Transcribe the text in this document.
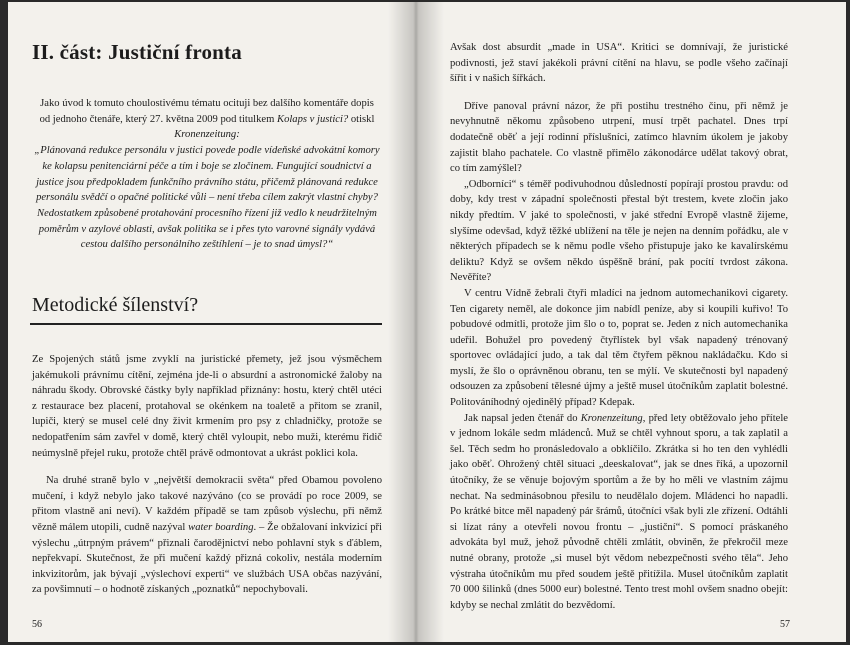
II. část: Justiční fronta

Jako úvod k tomuto choulostivému tématu ocituji bez dalšího komentáře dopis od jednoho čtenáře, který 27. května 2009 pod titulkem Kolaps v justici? otiskl Kronenzeitung:

„Plánovaná redukce personálu v justici povede podle vídeňské advokátní komory ke kolapsu penitenciární péče a tím i boje se zločinem. Fungující soudnictví a justice jsou předpokladem funkčního právního státu, přičemž plánovaná redukce personálu svědčí o opačné politické vůli – není třeba cílem zakrýt vlastní chyby? Nedostatkem způsobené protahování procesního řízení již vedlo k neudržitelným poměrům v azylové oblasti, avšak politika se i přes tyto varovné signály vydává cestou dalšího personálního zeštíhlení – je to snad úmysl?“

Metodické šílenství?

Ze Spojených států jsme zvyklí na juristické přemety, jež jsou výsměchem jakémukoli právnímu cítění, zejména jde-li o absurdní a astronomické žaloby na náhradu škody. Obrovské částky byly například přiznány: hostu, který chtěl utéci z restaurace bez placení, protahoval se okénkem na toaletě a přitom se zranil, lupiči, který se musel celé dny živit krmením pro psy z chladničky, protože se nedopatřením sám zavřel v domě, který chtěl vyloupit, nebo muži, kterému řidič neúmyslně přejel ruku, protože chtěl právě odmontovat a ukrást poklici kola.

Na druhé straně bylo v „největší demokracii světa“ před Obamou povoleno mučení, i když nebylo jako takové nazýváno (co se provádí po roce 2009, se přitom vlastně ani neví). V každém případě se tam způsob výslechu, při němž vězně málem utopili, cudně nazýval water boarding. – Že obžalovaní inkvizicí při výslechu „útrpným právem“ přiznali čarodějnictví nebo pohlavní styk s ďáblem, nepřekvapí. Skutečnost, že při mučení každý přizná cokoliv, nestála moderním inkvizitorům, jak bývají „výslechoví experti“ ve službách USA občas nazývání, za povšimnutí – o hodnotě získaných „poznatků“ nepochybovali.

56

Avšak dost absurdit „made in USA“. Kritici se domnívají, že juristické podivnosti, jež staví jakékoli právní cítění na hlavu, se podle všeho začínají šířit i v našich šířkách.

Dříve panoval právní názor, že při postihu trestného činu, při němž je nevyhnutně někomu způsobeno utrpení, musí trpět pachatel. Dnes trpí dodatečně oběť a její rodinní příslušníci, zatímco hlavním úkolem je jakoby zajistit blaho pachatele. Co vlastně přimělo zákonodárce udělat takový obrat, co tím zamýšlel?

„Odborníci“ s téměř podivuhodnou důsledností popírají prostou pravdu: od doby, kdy trest v západní společnosti přestal být trestem, kvete zločin jako nikdy předtím. V jaké to společnosti, v jaké střední Evropě vlastně žijeme, slyšíme odevšad, když těžké ublížení na těle je nejen na denním pořádku, ale v některých případech se k němu podle všeho přistupuje jako ke kavalírskému deliktu? Když se ovšem někdo úspěšně brání, pak pocítí tvrdost zákona. Nevěříte?

V centru Vídně žebrali čtyři mladíci na jednom automechanikovi cigarety. Ten cigarety neměl, ale dokonce jim nabídl peníze, aby si koupili kuřivo! To pobudové odmítli, protože jim šlo o to, poprat se. Jeden z nich automechanika udeřil. Bohužel pro povedený čtyřlístek byl však napadený trénovaný sportovec ovládající judo, a tak dal těm čtyřem pěknou nakládačku. Kdo si myslí, že šlo o oprávněnou obranu, ten se mýlí. Ve skutečnosti byl napadený odsouzen za způsobení tělesné újmy a ještě musel útočníkům zaplatit bolestné. Politováníhodný ojedinělý případ? Kdepak.

Jak napsal jeden čtenář do Kronenzeitung, před lety obtěžovalo jeho přítele v jednom lokále sedm mládenců. Muž se chtěl vyhnout sporu, a tak zaplatil a šel. Těch sedm ho pronásledovalo a obklíčilo. Zkrátka si ho ten den vyhlédli jako oběť. Ohrožený chtěl situaci „deeskalovat“, jak se dnes říká, a upozornil útočníky, že se věnuje bojovým sportům a že by ho měli ve vlastním zájmu nechat. Na sedminásobnou přesilu to neudělalo dojem. Mládenci ho napadli. Po krátké bitce měl napadený pár šrámů, útočníci však byli zle zřízení. Odtáhli si lízat rány a otevřeli novou frontu – „justiční“. S pomocí práskaného advokáta byl muž, jehož původně chtěli zmlátit, obviněn, že překročil meze nutné obrany, protože „si musel být vědom nebezpečnosti svého těla“. Jeho výstraha útočníkům mu před soudem ještě přitížila. Musel útočníkům zaplatit 70 000 šilinků (dnes 5000 eur) bolestné. Tento trest mohl ovšem snadno obejít: kdyby se nechal zmlátit do bezvědomí.

57
